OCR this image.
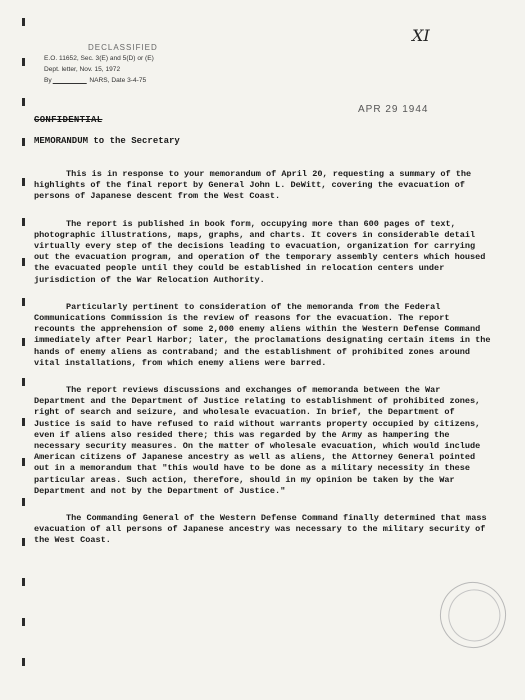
DECLASSIFIED
E.O. 11652, Sec. 3(E) and 5(D) or (E)
Dept. letter, Nov. 15, 1972
By	NARS, Date 3-4-75
XI
APR 29 1944
CONFIDENTIAL
MEMORANDUM to the Secretary

This is in response to your memorandum of April 20, requesting a summary of the highlights of the final report by General John L. DeWitt, covering the evacuation of persons of Japanese descent from the West Coast.

The report is published in book form, occupying more than 600 pages of text, photographic illustrations, maps, graphs, and charts. It covers in considerable detail virtually every step of the decisions leading to evacuation, organization for carrying out the evacuation program, and operation of the temporary assembly centers which housed the evacuated people until they could be established in relocation centers under jurisdiction of the War Relocation Authority.

Particularly pertinent to consideration of the memoranda from the Federal Communications Commission is the review of reasons for the evacuation. The report recounts the apprehension of some 2,000 enemy aliens within the Western Defense Command immediately after Pearl Harbor; later, the proclamations designating certain items in the hands of enemy aliens as contraband; and the establishment of prohibited zones around vital installations, from which enemy aliens were barred.

The report reviews discussions and exchanges of memoranda between the War Department and the Department of Justice relating to establishment of prohibited zones, right of search and seizure, and wholesale evacuation. In brief, the Department of Justice is said to have refused to raid without warrants property occupied by citizens, even if aliens also resided there; this was regarded by the Army as hampering the necessary security measures. On the matter of wholesale evacuation, which would include American citizens of Japanese ancestry as well as aliens, the Attorney General pointed out in a memorandum that "this would have to be done as a military necessity in these particular areas. Such action, therefore, should in my opinion be taken by the War Department and not by the Department of Justice."

The Commanding General of the Western Defense Command finally determined that mass evacuation of all persons of Japanese ancestry was necessary to the military security of the West Coast.
